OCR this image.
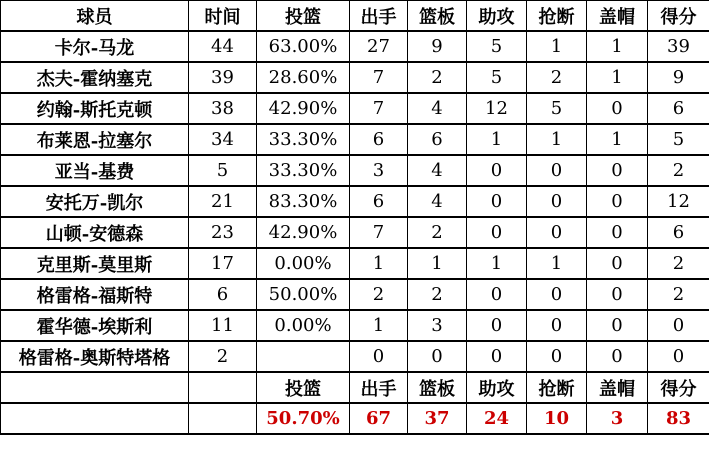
球员	时间	投篮	出手	篮板	助攻	抢断	盖帽	得分
卡尔-马龙	44	63.00%	27	9	5	1	1	39
杰夫-霍纳塞克	39	28.60%	7	2	5	2	1	9
约翰-斯托克顿	38	42.90%	7	4	12	5	0	6
布莱恩-拉塞尔	34	33.30%	6	6	1	1	1	5
亚当-基费	5	33.30%	3	4	0	0	0	2
安托万-凯尔	21	83.30%	6	4	0	0	0	12
山顿-安德森	23	42.90%	7	2	0	0	0	6
克里斯-莫里斯	17	0.00%	1	1	1	1	0	2
格雷格-福斯特	6	50.00%	2	2	0	0	0	2
霍华德-埃斯利	11	0.00%	1	3	0	0	0	0
格雷格-奥斯特塔格	2		0	0	0	0	0	0
		投篮	出手	篮板	助攻	抢断	盖帽	得分
		50.70%	67	37	24	10	3	83
